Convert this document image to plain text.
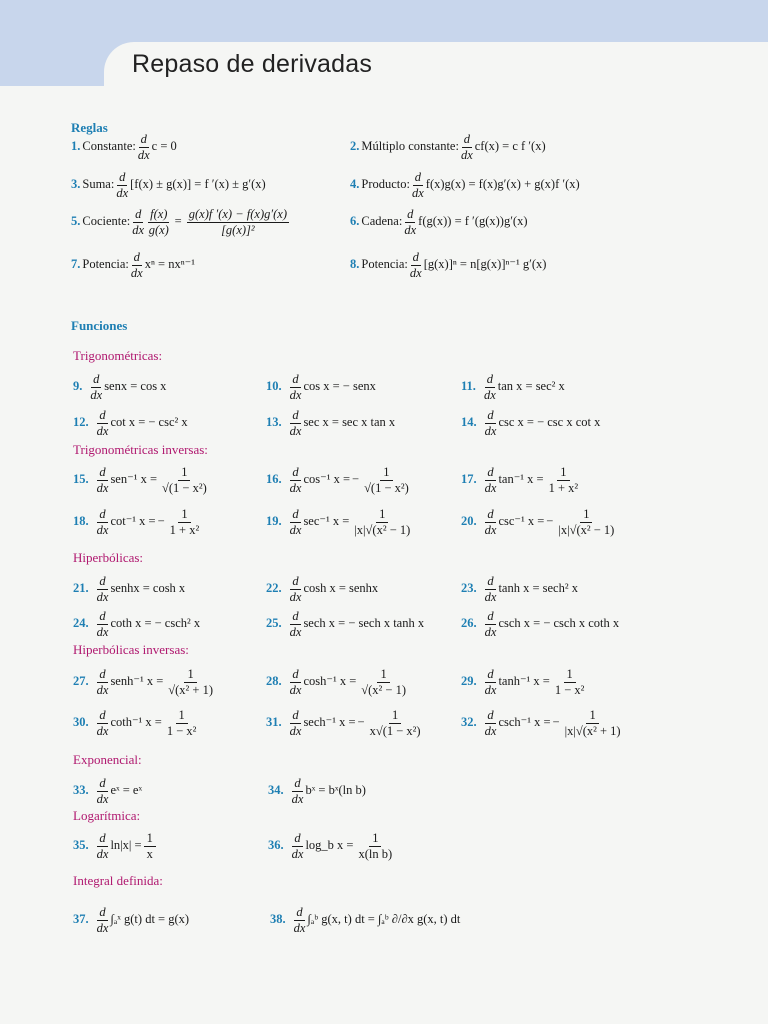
Repaso de derivadas
Reglas
Funciones
Trigonométricas:
Trigonométricas inversas:
Hiperbólicas:
Hiperbólicas inversas:
Exponencial:
Logarítmica:
Integral definida:
1. Constante: $\frac{d}{dx}$ c = 0	2. Múltiplo constante: $\frac{d}{dx} cf(x) = c$ f ′(x)
3. Suma: $\frac{d}{dx} [f(x) \pm g(x)] = f$ ′(x) ± g′(x)	4. Producto: $\frac{d}{dx} f(x)g(x) = f(x)g'(x) + g(x)f$ ′(x)
5. Cociente: $\frac{d}{dx} \frac{f(x)}{g(x)} = \frac{g(x)f '(x) - f(x)g'(x)}{\text{[g(x)]²}}$	6. Cadena: $\frac{d}{dx} f(g(x)) = f$ ′(g(x))g′(x)
7. Potencia: $\frac{d}{dx}$ xⁿ = nxⁿ⁻¹	8. Potencia: $\frac{d}{dx} [g(x)]^n = n[g(x)]^{n-1}$ g′(x)
9. $\frac{d}{dx}$ senx = cos x	10. $\frac{d}{dx}$ cos x = − senx	11. $\frac{d}{dx}$ tan x = sec² x
12. $\frac{d}{dx}$ cot x = − csc² x	13. $\frac{d}{dx}$ sec x = sec x tan x	14. $\frac{d}{dx}$ csc x = − csc x cot x
15. $\frac{d}{dx} sen^{-1}$ $x = \frac{1}{\text{√(1 − x²)}}$	16. $\frac{d}{dx} \cos^{-1}$ x = − $\frac{1}{\text{√(1 − x²)}}$	17. $\frac{d}{dx} \tan^{-1}$ $x = \frac{1}{\text{1 + x²}}$
18. $\frac{d}{dx} \cot^{-1}$ x = − $\frac{1}{\text{1 + x²}}$	19. $\frac{d}{dx} \sec^{-1}$ $x = \frac{1}{\text{|x|√(x² − 1)}}$	20. $\frac{d}{dx} \csc^{-1}$ x = − $\frac{1}{\text{|x|√(x² − 1)}}$
21. $\frac{d}{dx}$ senhx = cosh x	22. $\frac{d}{dx}$ cosh x = senhx	23. $\frac{d}{dx}$ tanh x = sech² x
24. $\frac{d}{dx}$ coth x = − csch² x	25. $\frac{d}{dx}$ sech x = − sech x tanh x	26. $\frac{d}{dx}$ csch x = − csch x coth x
27. $\frac{d}{dx}$ senh⁻¹ $x = \frac{1}{\text{√(x² + 1)}}$	28. $\frac{d}{dx} \cosh^{-1}$ $x = \frac{1}{\text{√(x² − 1)}}$	29. $\frac{d}{dx} \tanh^{-1}$ $x = \frac{1}{\text{1 − x²}}$
30. $\frac{d}{dx} \cot h^{-1}$ $x = \frac{1}{\text{1 − x²}}$	31. $\frac{d}{dx} \sec h^{-1}$ x = − $\frac{1}{\text{x√(1 − x²)}}$	32. $\frac{d}{dx} \csc h^{-1}$ x = − $\frac{1}{\text{|x|√(x² + 1)}}$
33. $\frac{d}{dx}$ eˣ = eˣ	34. $\frac{d}{dx}$ bˣ = bˣ(ln b)
35. $\frac{d}{dx} \ln|x| = \frac{1}{x}$	36. $\frac{d}{dx}$ log_b $x = \frac{1}{\text{x(ln b)}}$
37. $\frac{d}{dx}$ ∫ₐˣ g(t) dt = g(x)	38. $\frac{d}{dx}$ ∫ₐᵇ g(x, t) dt = ∫ₐᵇ ∂/∂x g(x, t) dt
